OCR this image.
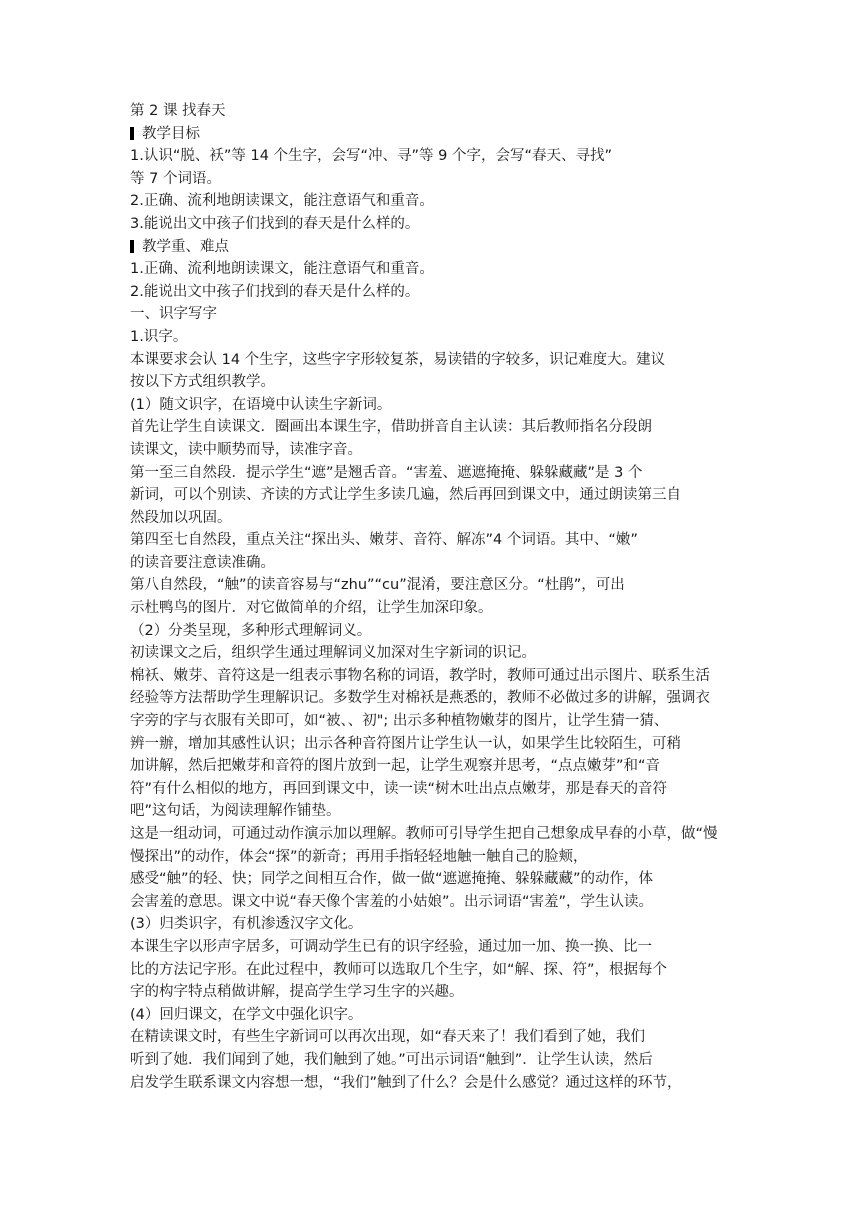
第 2 课 找春天
教学目标
1.认识“脱、袄”等 14 个生字，会写“冲、寻”等 9 个字，会写“春天、寻找”
等 7 个词语。
2.正确、流利地朗读课文，能注意语气和重音。
3.能说出文中孩子们找到的春天是什么样的。
教学重、难点
1.正确、流利地朗读课文，能注意语气和重音。
2.能说出文中孩子们找到的春天是什么样的。
一、识字写字
1.识字。
本课要求会认 14 个生字，这些字字形较复茶，易读错的字较多，识记难度大。建议
按以下方式组织教学。
(1）随文识字，在语境中认读生字新词。
首先让学生自读课文．圈画出本课生字，借助拼音自主认读：其后教师指名分段朗
读课文，读中顺势而导，读准字音。
第一至三自然段．提示学生“遮”是翘舌音。“害羞、遮遮掩掩、躲躲藏藏”是 3 个
新词，可以个别读、齐读的方式让学生多读几遍，然后再回到课文中，通过朗读第三自
然段加以巩固。
第四至七自然段，重点关注“探出头、嫩芽、音符、解冻”4 个词语。其中、“嫩”
的读音要注意读准确。
第八自然段，“触”的读音容易与“zhu”“cu”混淆，要注意区分。“杜鹃”，可出
示杜鸭鸟的图片．对它做简单的介绍，让学生加深印象。
（2）分类呈现，多种形式理解词义。
初读课文之后，组织学生通过理解词义加深对生字新词的识记。
棉袄、嫩芽、音符这是一组表示事物名称的词语，教学时，教师可通过出示图片、联系生活
经验等方法帮助学生理解识记。多数学生对棉袄是燕悉的，教师不必做过多的讲解，强调衣
字旁的字与衣服有关即可，如“被、、初"; 出示多种植物嫩芽的图片，让学生猜一猜、
辨一辦，增加其感性认识；出示各种音符图片让学生认一认，如果学生比较陌生，可稍
加讲解，然后把嫩芽和音符的图片放到一起，让学生观察并思考，“点点嫩芽”和“音
符”有什么相似的地方，再回到课文中，读一读“树木吐出点点嫩芽，那是春天的音符
吧”这句话，为阅读理解作铺垫。
这是一组动词，可通过动作演示加以理解。教师可引导学生把自己想象成早春的小草，做“慢
慢探出”的动作，体会“探”的新奇；再用手指轻轻地触一触自己的脸颊，
感受“触”的轻、快；同学之间相互合作，做一做“遮遮掩掩、躲躲藏藏”的动作，体
会害羞的意思。课文中说“春天像个害羞的小姑娘”。出示词语“害羞”，学生认读。
(3）归类识字，有机渗透汉字文化。
本课生字以形声字居多，可调动学生已有的识字经验，通过加一加、换一换、比一
比的方法记字形。在此过程中，教师可以选取几个生字，如“解、探、符”，根据每个
字的构字特点稍做讲解，提高学生学习生字的兴趣。
(4）回归课文，在学文中强化识字。
在精读课文时，有些生字新词可以再次出现，如“春天来了！我们看到了她，我们
听到了她．我们闻到了她，我们触到了她。”可出示词语“触到”．让学生认读，然后
启发学生联系课文内容想一想，“我们”触到了什么？会是什么感觉？通过这样的环节，
